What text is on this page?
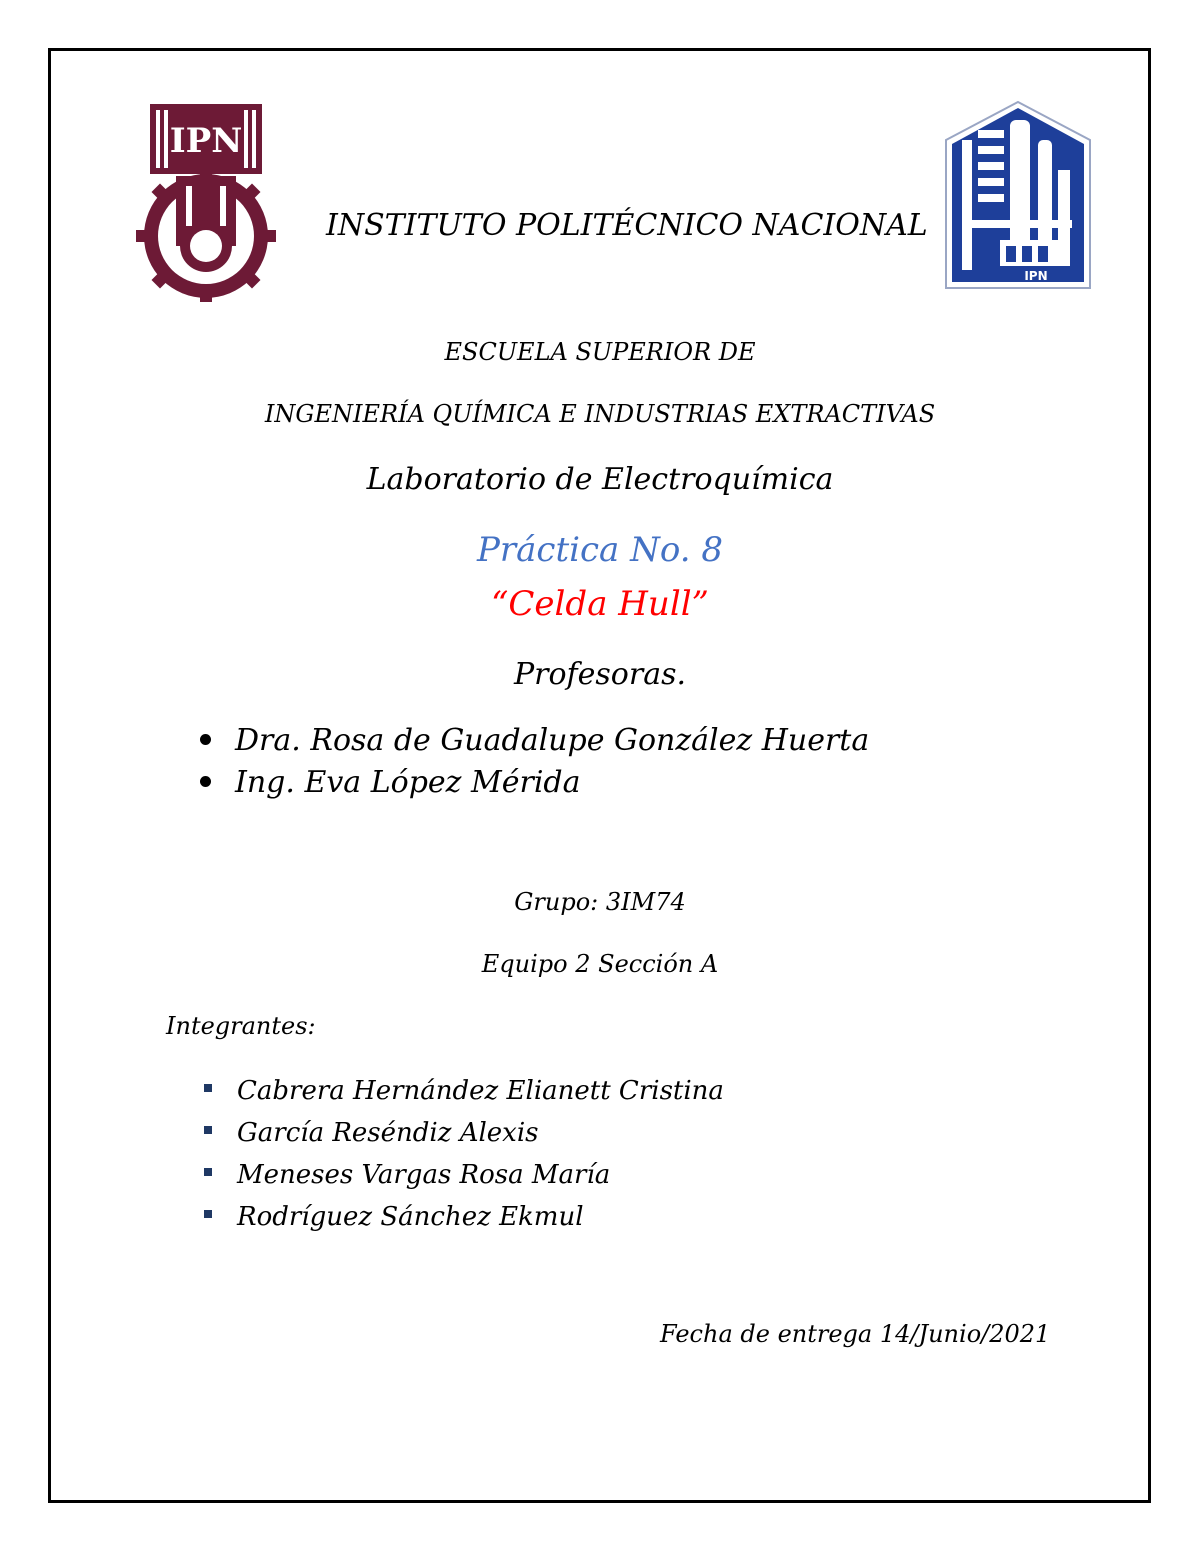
IPN
IPN
INSTITUTO POLITÉCNICO NACIONAL
ESCUELA SUPERIOR DE
INGENIERÍA QUÍMICA E INDUSTRIAS EXTRACTIVAS
Laboratorio de Electroquímica
Práctica No. 8
“Celda Hull”
Profesoras.
Dra. Rosa de Guadalupe González Huerta
Ing. Eva López Mérida
Grupo: 3IM74
Equipo 2 Sección A
Integrantes:
Cabrera Hernández Elianett Cristina
García Reséndiz Alexis
Meneses Vargas Rosa María
Rodríguez Sánchez Ekmul
Fecha de entrega 14/Junio/2021
